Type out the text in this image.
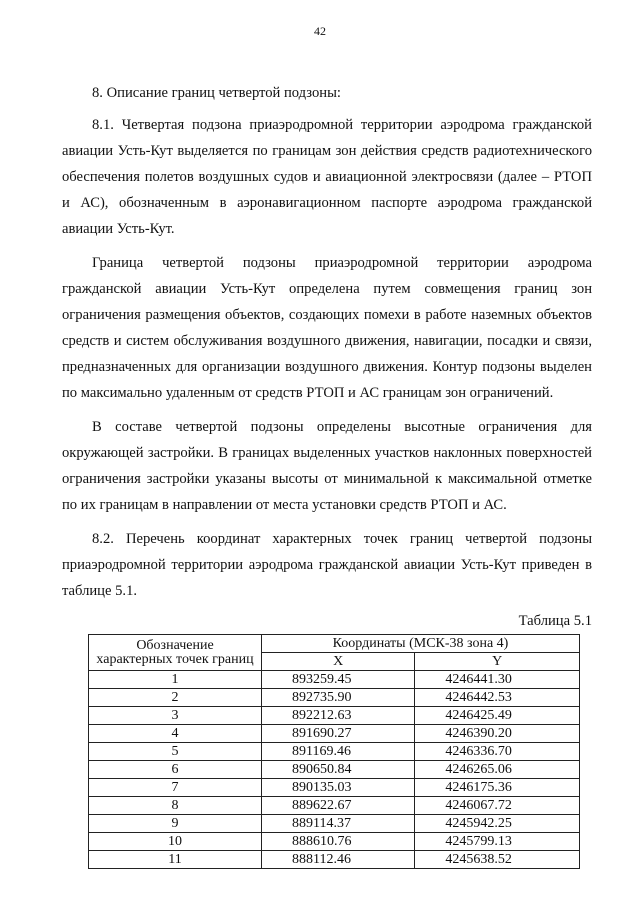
42

8. Описание границ четвертой подзоны:

8.1. Четвертая подзона приаэродромной территории аэродрома гражданской авиации Усть-Кут выделяется по границам зон действия средств радиотехнического обеспечения полетов воздушных судов и авиационной электросвязи (далее – РТОП и АС), обозначенным в аэронавигационном паспорте аэродрома гражданской авиации Усть-Кут.

Граница четвертой подзоны приаэродромной территории аэродрома гражданской авиации Усть-Кут определена путем совмещения границ зон ограничения размещения объектов, создающих помехи в работе наземных объектов средств и систем обслуживания воздушного движения, навигации, посадки и связи, предназначенных для организации воздушного движения. Контур подзоны выделен по максимально удаленным от средств РТОП и АС границам зон ограничений.

В составе четвертой подзоны определены высотные ограничения для окружающей застройки. В границах выделенных участков наклонных поверхностей ограничения застройки указаны высоты от минимальной к максимальной отметке по их границам в направлении от места установки средств РТОП и АС.

8.2. Перечень координат характерных точек границ четвертой подзоны приаэродромной территории аэродрома гражданской авиации Усть-Кут приведен в таблице 5.1.

Таблица 5.1
Обозначение
характерных точек границ	Координаты (МСК-38 зона 4)	
	X	Y
1	893259.45	4246441.30
2	892735.90	4246442.53
3	892212.63	4246425.49
4	891690.27	4246390.20
5	891169.46	4246336.70
6	890650.84	4246265.06
7	890135.03	4246175.36
8	889622.67	4246067.72
9	889114.37	4245942.25
10	888610.76	4245799.13
11	888112.46	4245638.52
